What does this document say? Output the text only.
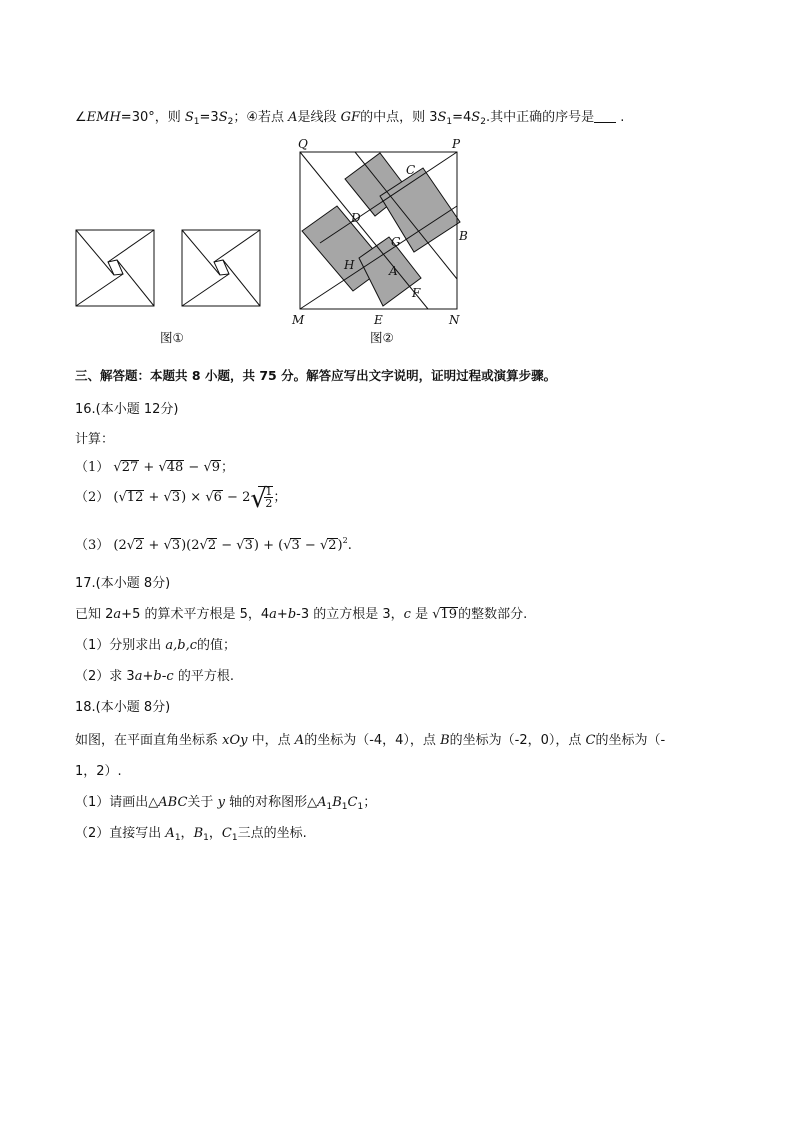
∠EMH=30°，则 $S_1=3S_2$；④若点 A是线段 GF的中点，则 $3S_1=4S_2$.其中正确的序号是 .
图①
Q	P
C
D
G	B
H	A
F
M	E	N
图②
三、解答题：本题共 8 小题，共 75 分。解答应写出文字说明，证明过程或演算步骤。
16.(本小题 12分)
计算：
（1） √27 + √48 − √9；
（2） (√12 + √3) × √6 − 2 √
$\frac{1}{2}$ ；
（3） $(2√2 + √3)(2√2 - √3) + (√3 - √2)^2$.
17.(本小题 8分)
已知 2a+5 的算术平方根是 5，4a+b-3 的立方根是 3，c 是 √19的整数部分.
（1）分别求出 a,b,c的值；
（2）求 3a+b-c 的平方根.
18.(本小题 8分)
如图，在平面直角坐标系 xOy 中，点 A的坐标为（-4，4），点 B的坐标为（-2，0），点 C的坐标为（-
1，2）.
（1）请画出△ABC关于 y 轴的对称图形$\triangle A_1B_1C_1$；
（2）直接写出 $A_1$，$B_1$，$C_1$三点的坐标.
